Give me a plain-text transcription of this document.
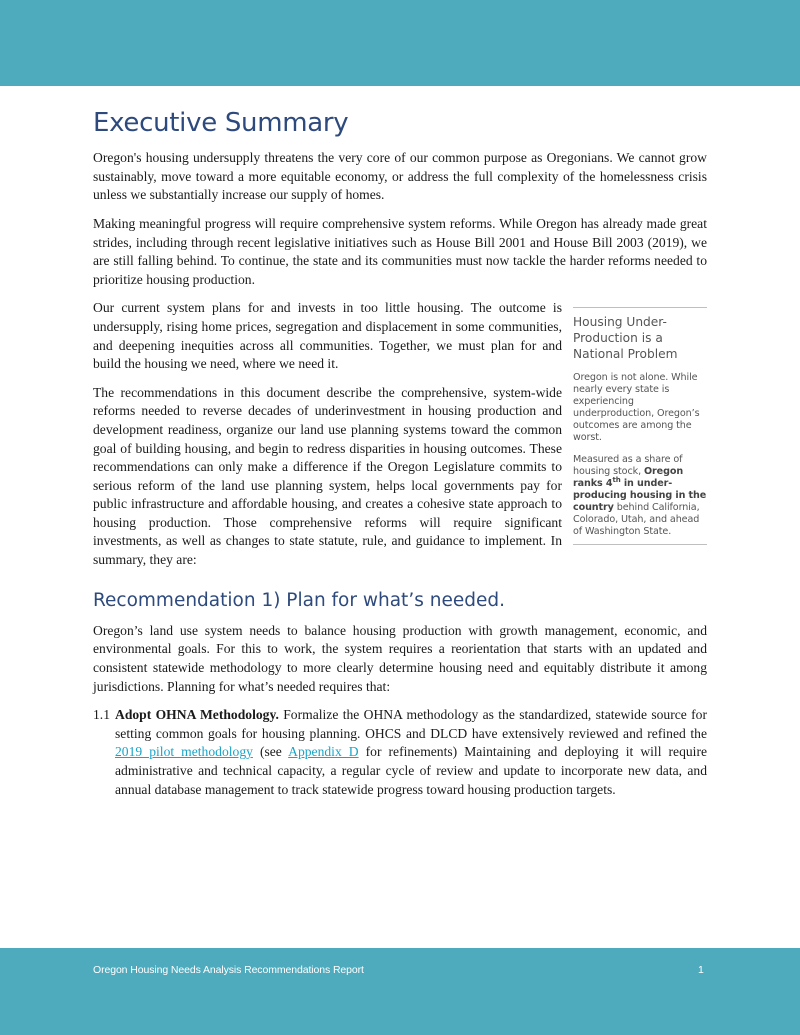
Executive Summary

Oregon's housing undersupply threatens the very core of our common purpose as Oregonians. We cannot grow sustainably, move toward a more equitable economy, or address the full complexity of the homelessness crisis unless we substantially increase our supply of homes.

Making meaningful progress will require comprehensive system reforms. While Oregon has already made great strides, including through recent legislative initiatives such as House Bill 2001 and House Bill 2003 (2019), we are still falling behind. To continue, the state and its communities must now tackle the harder reforms needed to prioritize housing production.

Our current system plans for and invests in too little housing. The outcome is undersupply, rising home prices, segregation and displacement in some communities, and deepening inequities across all communities. Together, we must plan for and build the housing we need, where we need it.

The recommendations in this document describe the comprehensive, system-wide reforms needed to reverse decades of underinvestment in housing production and development readiness, organize our land use planning systems toward the common goal of building housing, and begin to redress disparities in housing outcomes. These recommendations can only make a difference if the Oregon Legislature commits to serious reform of the land use planning system, helps local governments pay for public infrastructure and affordable housing, and creates a cohesive state approach to housing production. Those comprehensive reforms will require significant investments, as well as changes to state statute, rule, and guidance to implement. In summary, they are:

Housing Under-Production is a National Problem

Oregon is not alone. While nearly every state is experiencing underproduction, Oregon’s outcomes are among the worst.

Measured as a share of housing stock, Oregon ranks 4th in under-producing housing in the country behind California, Colorado, Utah, and ahead of Washington State.

Recommendation 1) Plan for what’s needed.

Oregon’s land use system needs to balance housing production with growth management, economic, and environmental goals. For this to work, the system requires a reorientation that starts with an updated and consistent statewide methodology to more clearly determine housing need and equitably distribute it among jurisdictions. Planning for what’s needed requires that:

1.1 Adopt OHNA Methodology. Formalize the OHNA methodology as the standardized, statewide source for setting common goals for housing planning. OHCS and DLCD have extensively reviewed and refined the 2019 pilot methodology (see Appendix D for refinements) Maintaining and deploying it will require administrative and technical capacity, a regular cycle of review and update to incorporate new data, and annual database management to track statewide progress toward housing production targets.
Oregon Housing Needs Analysis Recommendations Report	1
